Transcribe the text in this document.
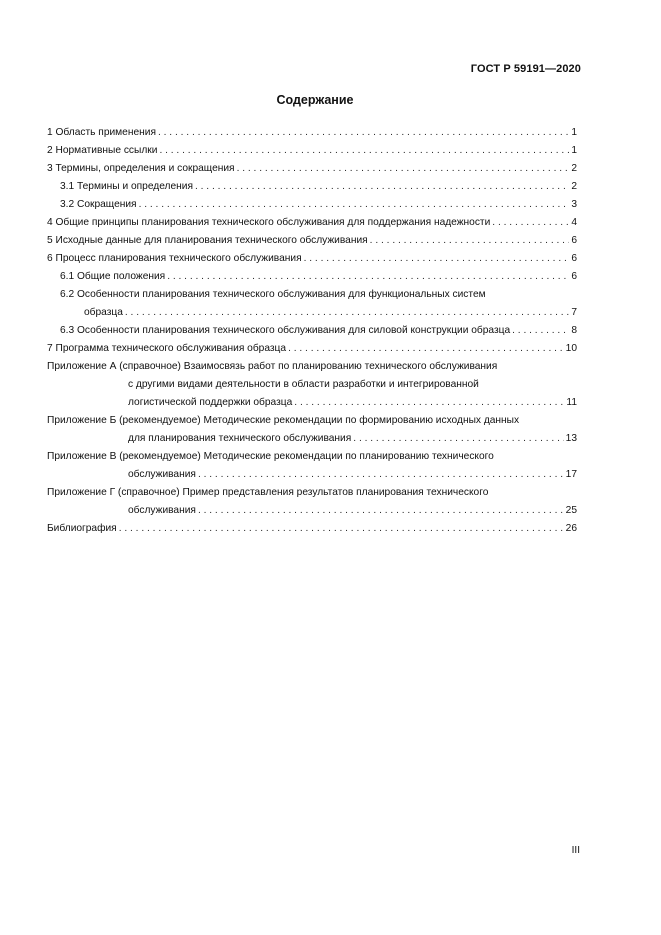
ГОСТ Р 59191—2020
Содержание
1 Область применения . . .	1
2 Нормативные ссылки . . .	1
3 Термины, определения и сокращения . . .	2
3.1 Термины и определения . . .	2
3.2 Сокращения . . .	3
4 Общие принципы планирования технического обслуживания для поддержания надежности . . .	4
5 Исходные данные для планирования технического обслуживания . . .	6
6 Процесс планирования технического обслуживания . . .	6
6.1 Общие положения . . .	6
6.2 Особенности планирования технического обслуживания для функциональных систем
образца . . .	7
6.3 Особенности планирования технического обслуживания для силовой конструкции образца . . .	8
7 Программа технического обслуживания образца . . .	10
Приложение А (справочное) Взаимосвязь работ по планированию технического обслуживания
с другими видами деятельности в области разработки и интегрированной
логистической поддержки образца . . .	11
Приложение Б (рекомендуемое) Методические рекомендации по формированию исходных данных
для планирования технического обслуживания . . .	13
Приложение В (рекомендуемое) Методические рекомендации по планированию технического
обслуживания . . .	17
Приложение Г (справочное) Пример представления результатов планирования технического
обслуживания . . .	25
Библиография . . .	26
III
